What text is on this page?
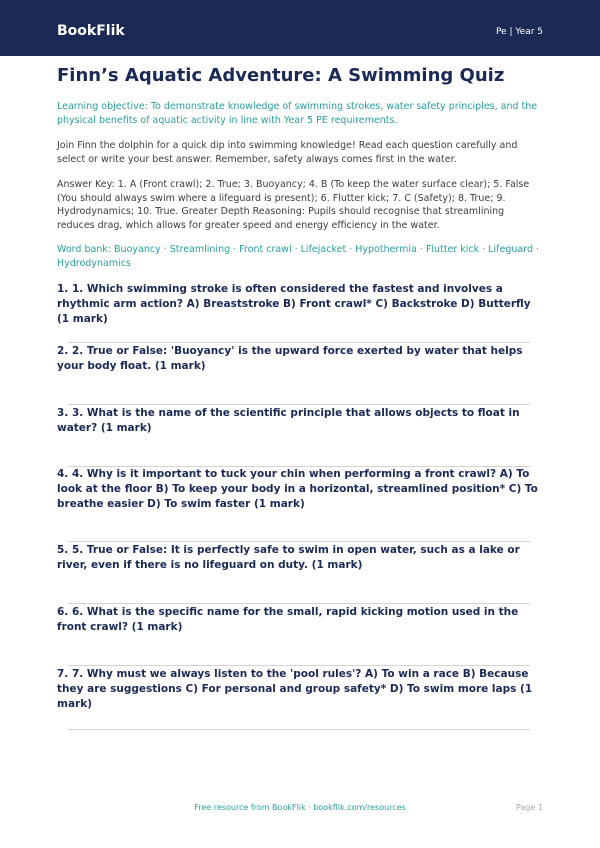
BookFlik	Pe | Year 5
Finn’s Aquatic Adventure: A Swimming Quiz
Learning objective: To demonstrate knowledge of swimming strokes, water safety principles, and the physical benefits of aquatic activity in line with Year 5 PE requirements.
Join Finn the dolphin for a quick dip into swimming knowledge! Read each question carefully and select or write your best answer. Remember, safety always comes first in the water.
Answer Key: 1. A (Front crawl); 2. True; 3. Buoyancy; 4. B (To keep the water surface clear); 5. False (You should always swim where a lifeguard is present); 6. Flutter kick; 7. C (Safety); 8. True; 9. Hydrodynamics; 10. True. Greater Depth Reasoning: Pupils should recognise that streamlining reduces drag, which allows for greater speed and energy efficiency in the water.
Word bank: Buoyancy · Streamlining · Front crawl · Lifejacket · Hypothermia · Flutter kick · Lifeguard · Hydrodynamics
1. 1. Which swimming stroke is often considered the fastest and involves a rhythmic arm action? A) Breaststroke B) Front crawl* C) Backstroke D) Butterfly (1 mark)
2. 2. True or False: 'Buoyancy' is the upward force exerted by water that helps your body float. (1 mark)
3. 3. What is the name of the scientific principle that allows objects to float in water? (1 mark)
4. 4. Why is it important to tuck your chin when performing a front crawl? A) To look at the floor B) To keep your body in a horizontal, streamlined position* C) To breathe easier D) To swim faster (1 mark)
5. 5. True or False: It is perfectly safe to swim in open water, such as a lake or river, even if there is no lifeguard on duty. (1 mark)
6. 6. What is the specific name for the small, rapid kicking motion used in the front crawl? (1 mark)
7. 7. Why must we always listen to the 'pool rules'? A) To win a race B) Because they are suggestions C) For personal and group safety* D) To swim more laps (1 mark)
Free resource from BookFlik · bookflik.com/resources	Page 1
